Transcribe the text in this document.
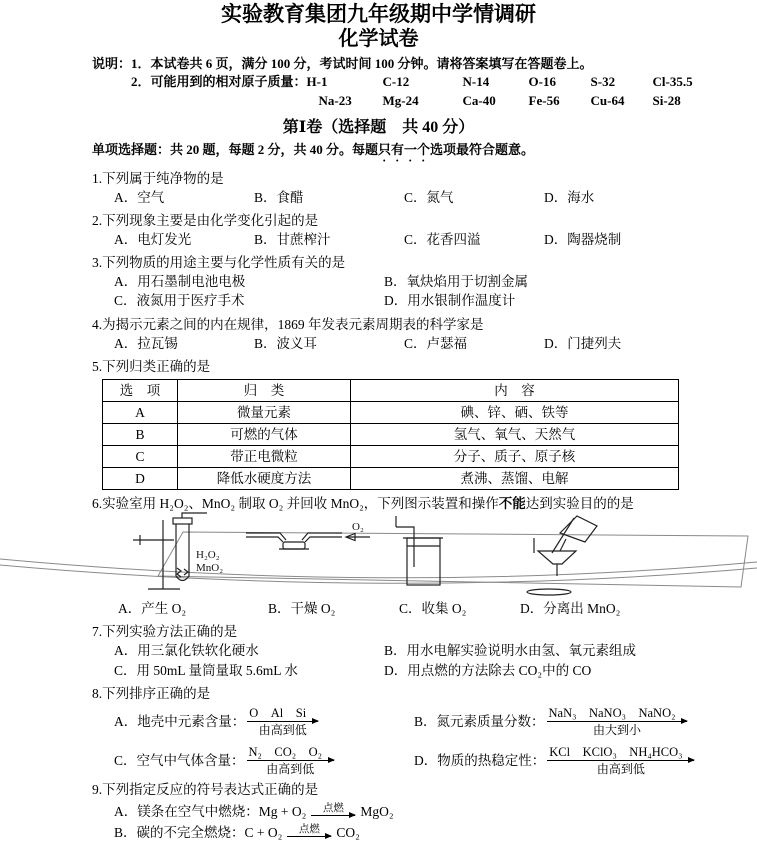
实验教育集团九年级期中学情调研
化学试卷
说明： 1．本试卷共 6 页，满分 100 分，考试时间 100 分钟。请将答案填写在答题卷上。
2．可能用到的相对原子质量： H-1	C-12	N-14	O-16	S-32	Cl-35.5
Na-23	Mg-24	Ca-40	Fe-56	Cu-64	Si-28
第Ⅰ卷（选择题　共 40 分）
单项选择题：共 20 题，每题 2 分，共 40 分。每题只有一个选项最符合题意。
1. 下列属于纯净物的是
A．空气	B．食醋	C．氮气	D．海水
2. 下列现象主要是由化学变化引起的是
A．电灯发光	B．甘蔗榨汁	C．花香四溢	D．陶器烧制
3. 下列物质的用途主要与化学性质有关的是
A．用石墨制电池电极	B．氧炔焰用于切割金属
C．液氮用于医疗手术	D．用水银制作温度计
4. 为揭示元素之间的内在规律，1869 年发表元素周期表的科学家是
A．拉瓦锡	B．波义耳	C．卢瑟福	D．门捷列夫
5. 下列归类正确的是
选　项	归　类	内　容
A	微量元素	碘、锌、硒、铁等
B	可燃的气体	氢气、氧气、天然气
C	带正电微粒	分子、质子、原子核
D	降低水硬度方法	煮沸、蒸馏、电解
6. 实验室用 H₂O₂、MnO₂ 制取 O₂ 并回收 MnO₂，下列图示装置和操作不能达到实验目的的是
H₂O₂
MnO₂
O₂
A．产生 O₂	B．干燥 O₂	C．收集 O₂	D．分离出 MnO₂
7. 下列实验方法正确的是
A．用三氯化铁软化硬水	B．用水电解实验说明水由氢、氧元素组成
C．用 50mL 量筒量取 5.6mL 水	D．用点燃的方法除去 CO₂中的 CO
8. 下列排序正确的是
A．地壳中元素含量：
O　Al　Si
由高到低
B．氮元素质量分数：
NaN₃　NaNO₃　NaNO₂
由大到小
C．空气中气体含量：
N₂　CO₂　O₂
由高到低
D．物质的热稳定性：
KCl　KClO₃　NH₄HCO₃
由高到低
9. 下列指定反应的符号表达式正确的是
A．镁条在空气中燃烧：Mg + O₂	点燃 MgO₂
B．碳的不完全燃烧：C + O₂	点燃 CO₂
